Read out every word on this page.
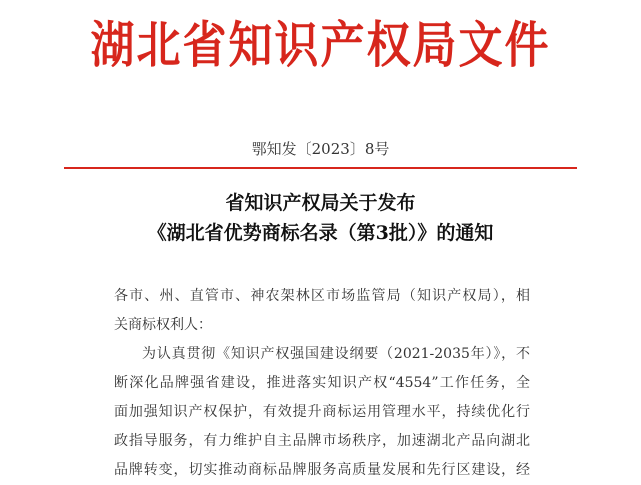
湖北省知识产权局文件
鄂知发〔2023〕8号
省知识产权局关于发布
《湖北省优势商标名录（第3批）》的通知
各市、州、直管市、神农架林区市场监管局（知识产权局），相
关商标权利人：
为认真贯彻《知识产权强国建设纲要（2021-2035年）》，不
断深化品牌强省建设，推进落实知识产权“4554”工作任务，全
面加强知识产权保护，有效提升商标运用管理水平，持续优化行
政指导服务，有力维护自主品牌市场秩序，加速湖北产品向湖北
品牌转变，切实推动商标品牌服务高质量发展和先行区建设，经
